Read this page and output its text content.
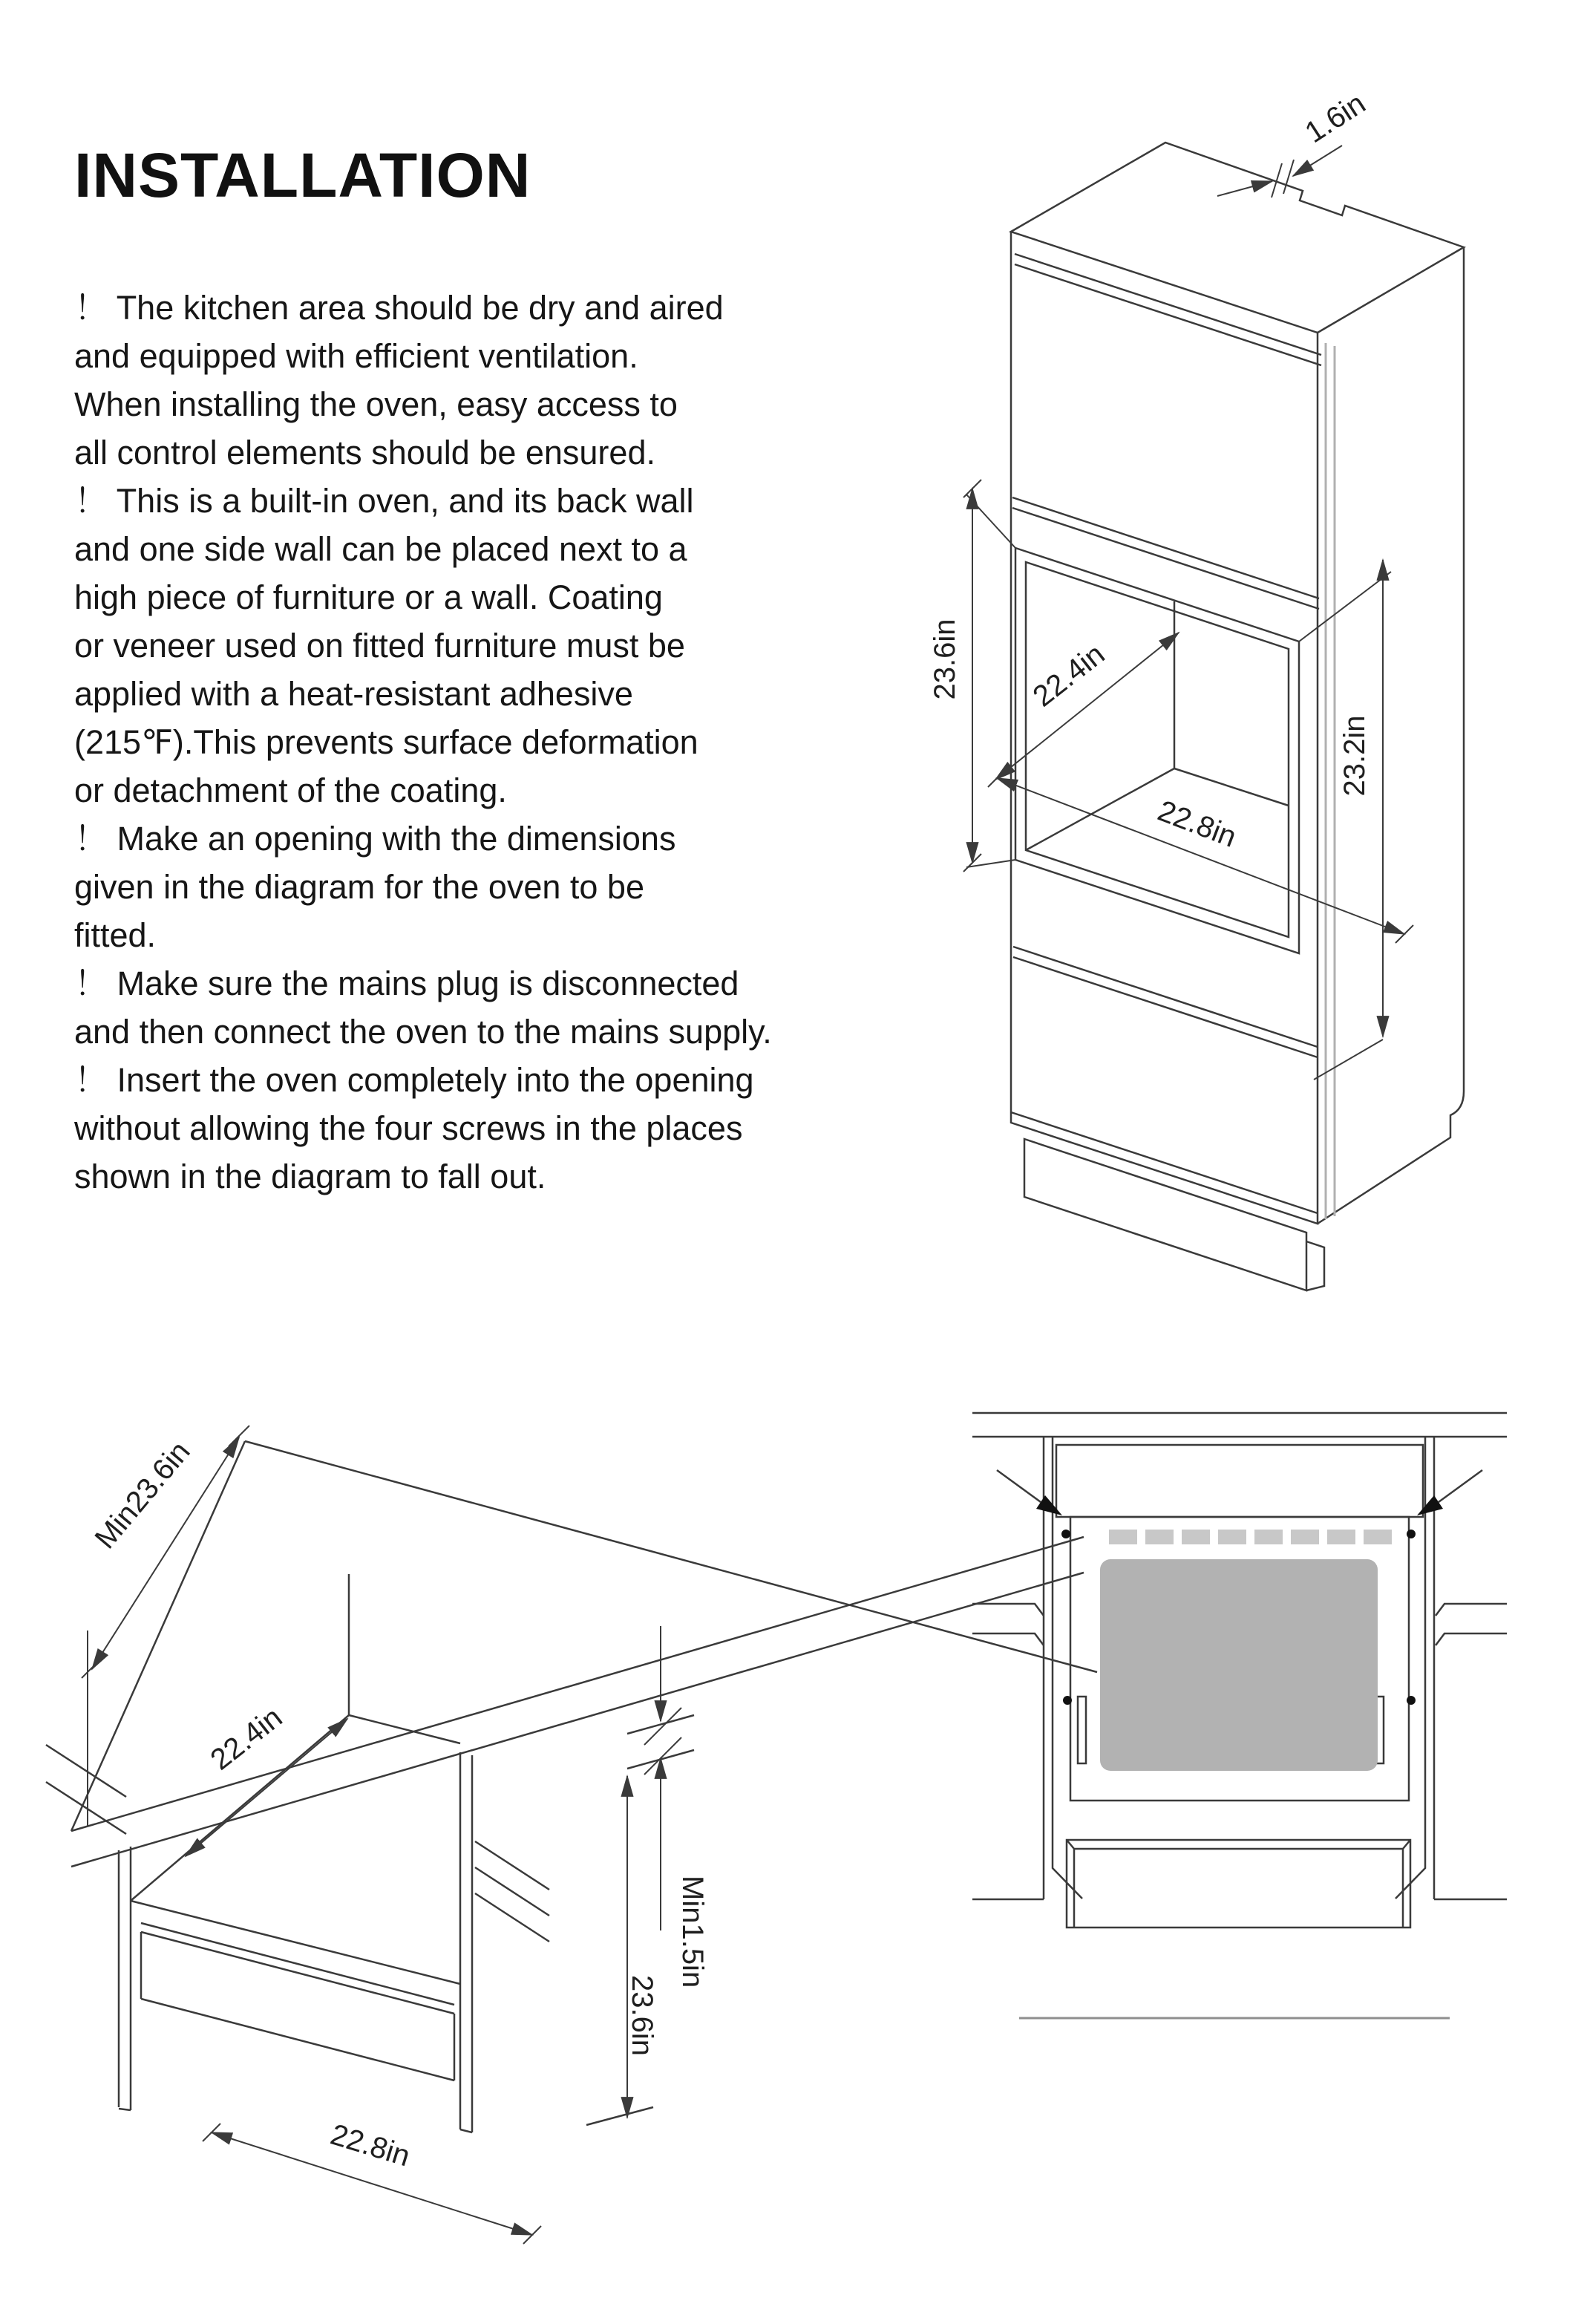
INSTALLATION
！ The kitchen area should be dry and aired
and equipped with efficient ventilation.
When installing the oven, easy access to
all control elements should be ensured.
！ This is a built-in oven, and its back wall
and one side wall can be placed next to a
high piece of furniture or a wall. Coating
or veneer used on fitted furniture must be
applied with a heat-resistant adhesive
(215℉).This prevents surface deformation
or detachment of the coating.
！ Make an opening with the dimensions
given in the diagram for the oven to be
fitted.
！ Make sure the mains plug is disconnected
and then connect the oven to the mains supply.
！ Insert the oven completely into the opening
without allowing the four screws in the places
shown in the diagram to fall out.
1.6in
23.6in 22.4in
22.8in
23.2in
Min23.6in
22.4in
Min1.5in
23.6in
22.8in
